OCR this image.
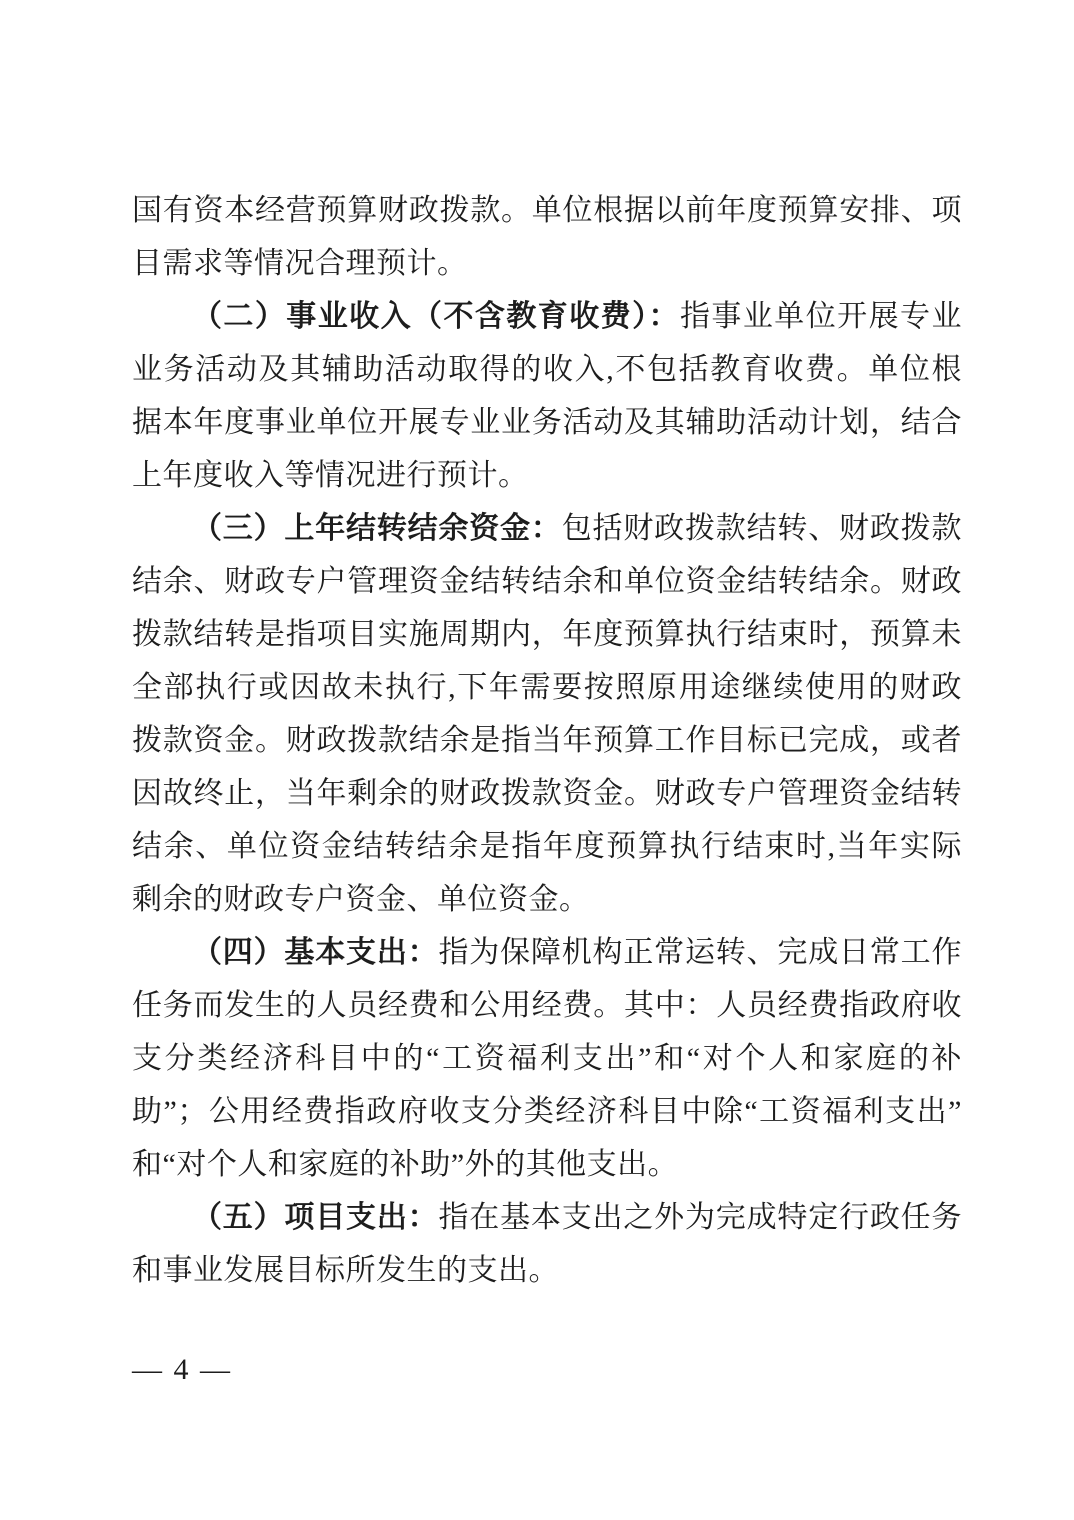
国有资本经营预算财政拨款。单位根据以前年度预算安排、项目需求等情况合理预计。

（二）事业收入（不含教育收费）：指事业单位开展专业业务活动及其辅助活动取得的收入,不包括教育收费。单位根据本年度事业单位开展专业业务活动及其辅助活动计划，结合上年度收入等情况进行预计。

（三）上年结转结余资金：包括财政拨款结转、财政拨款结余、财政专户管理资金结转结余和单位资金结转结余。财政拨款结转是指项目实施周期内，年度预算执行结束时，预算未全部执行或因故未执行,下年需要按照原用途继续使用的财政拨款资金。财政拨款结余是指当年预算工作目标已完成，或者因故终止，当年剩余的财政拨款资金。财政专户管理资金结转结余、单位资金结转结余是指年度预算执行结束时,当年实际剩余的财政专户资金、单位资金。

（四）基本支出：指为保障机构正常运转、完成日常工作任务而发生的人员经费和公用经费。其中：人员经费指政府收支分类经济科目中的“工资福利支出”和“对个人和家庭的补助”；公用经费指政府收支分类经济科目中除“工资福利支出”和“对个人和家庭的补助”外的其他支出。

（五）项目支出：指在基本支出之外为完成特定行政任务和事业发展目标所发生的支出。

— 4 —
